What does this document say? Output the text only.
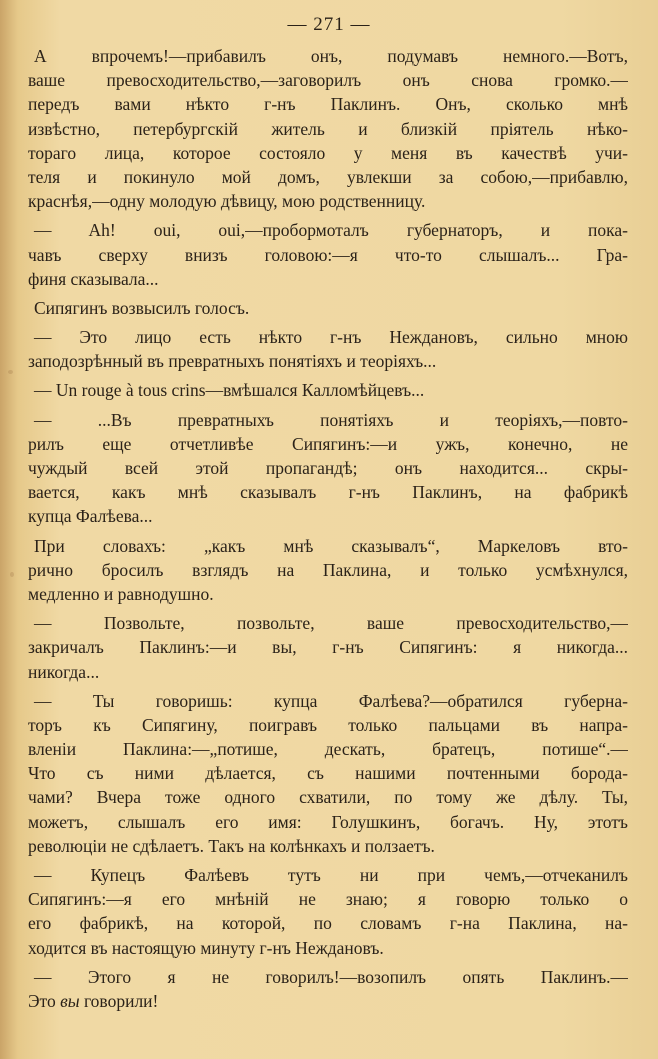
— 271 —
А впрочемъ!—прибавилъ онъ, подумавъ немного.—Вотъ,
ваше превосходительство,—заговорилъ онъ снова громко.—
передъ вами нѣкто г-нъ Паклинъ. Онъ, сколько мнѣ
извѣстно, петербургскій житель и близкій пріятель нѣко-
тораго лица, которое состояло у меня въ качествѣ учи-
теля и покинуло мой домъ, увлекши за собою,—прибавлю,
краснѣя,—одну молодую дѣвицу, мою родственницу.
— Ah! oui, oui,—пробормоталъ губернаторъ, и пока-
чавъ сверху внизъ головою:—я что-то слышалъ... Гра-
финя сказывала...
Сипягинъ возвысилъ голосъ.
— Это лицо есть нѣкто г-нъ Неждановъ, сильно мною
заподозрѣнный въ превратныхъ понятіяхъ и теоріяхъ...
— Un rouge à tous crins—вмѣшался Калломѣйцевъ...
— ...Въ превратныхъ понятіяхъ и теоріяхъ,—повто-
рилъ еще отчетливѣе Сипягинъ:—и ужъ, конечно, не
чуждый всей этой пропагандѣ; онъ находится... скры-
вается, какъ мнѣ сказывалъ г-нъ Паклинъ, на фабрикѣ
купца Фалѣева...
При словахъ: „какъ мнѣ сказывалъ“, Маркеловъ вто-
рично бросилъ взглядъ на Паклина, и только усмѣхнулся,
медленно и равнодушно.
— Позвольте, позвольте, ваше превосходительство,—
закричалъ Паклинъ:—и вы, г-нъ Сипягинъ: я никогда...
никогда...
— Ты говоришь: купца Фалѣева?—обратился губерна-
торъ къ Сипягину, поигравъ только пальцами въ напра-
вленіи Паклина:—„потише, дескать, братецъ, потише“.—
Что съ ними дѣлается, съ нашими почтенными борода-
чами? Вчера тоже одного схватили, по тому же дѣлу. Ты,
можетъ, слышалъ его имя: Голушкинъ, богачъ. Ну, этотъ
революціи не сдѣлаетъ. Такъ на колѣнкахъ и ползаетъ.
— Купецъ Фалѣевъ тутъ ни при чемъ,—отчеканилъ
Сипягинъ:—я его мнѣній не знаю; я говорю только о
его фабрикѣ, на которой, по словамъ г-на Паклина, на-
ходится въ настоящую минуту г-нъ Неждановъ.
— Этого я не говорилъ!—возопилъ опять Паклинъ.—
Это вы говорили!
